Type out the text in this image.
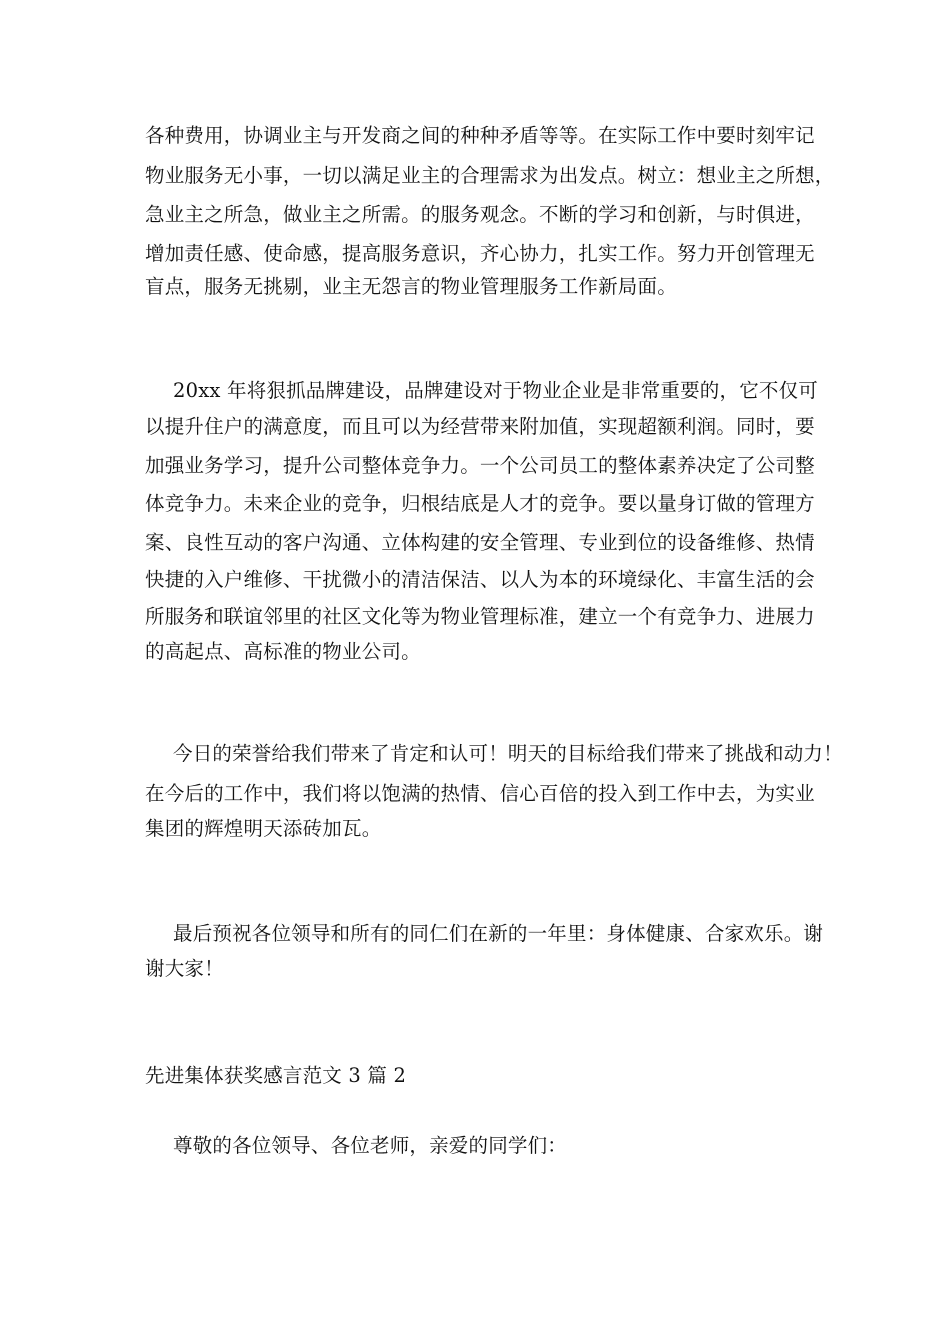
各种费用，协调业主与开发商之间的种种矛盾等等。在实际工作中要时刻牢记
物业服务无小事，一切以满足业主的合理需求为出发点。树立：想业主之所想，
急业主之所急，做业主之所需。的服务观念。不断的学习和创新，与时俱进，
增加责任感、使命感，提高服务意识，齐心协力，扎实工作。努力开创管理无
盲点，服务无挑剔，业主无怨言的物业管理服务工作新局面。
20xx 年将狠抓品牌建设，品牌建设对于物业企业是非常重要的，它不仅可
以提升住户的满意度，而且可以为经营带来附加值，实现超额利润。同时，要
加强业务学习，提升公司整体竞争力。一个公司员工的整体素养决定了公司整
体竞争力。未来企业的竞争，归根结底是人才的竞争。要以量身订做的管理方
案、良性互动的客户沟通、立体构建的安全管理、专业到位的设备维修、热情
快捷的入户维修、干扰微小的清洁保洁、以人为本的环境绿化、丰富生活的会
所服务和联谊邻里的社区文化等为物业管理标准，建立一个有竞争力、进展力
的高起点、高标准的物业公司。
今日的荣誉给我们带来了肯定和认可！明天的目标给我们带来了挑战和动力！
在今后的工作中，我们将以饱满的热情、信心百倍的投入到工作中去，为实业
集团的辉煌明天添砖加瓦。
最后预祝各位领导和所有的同仁们在新的一年里：身体健康、合家欢乐。谢
谢大家！
先进集体获奖感言范文 3 篇 2
尊敬的各位领导、各位老师，亲爱的同学们：
